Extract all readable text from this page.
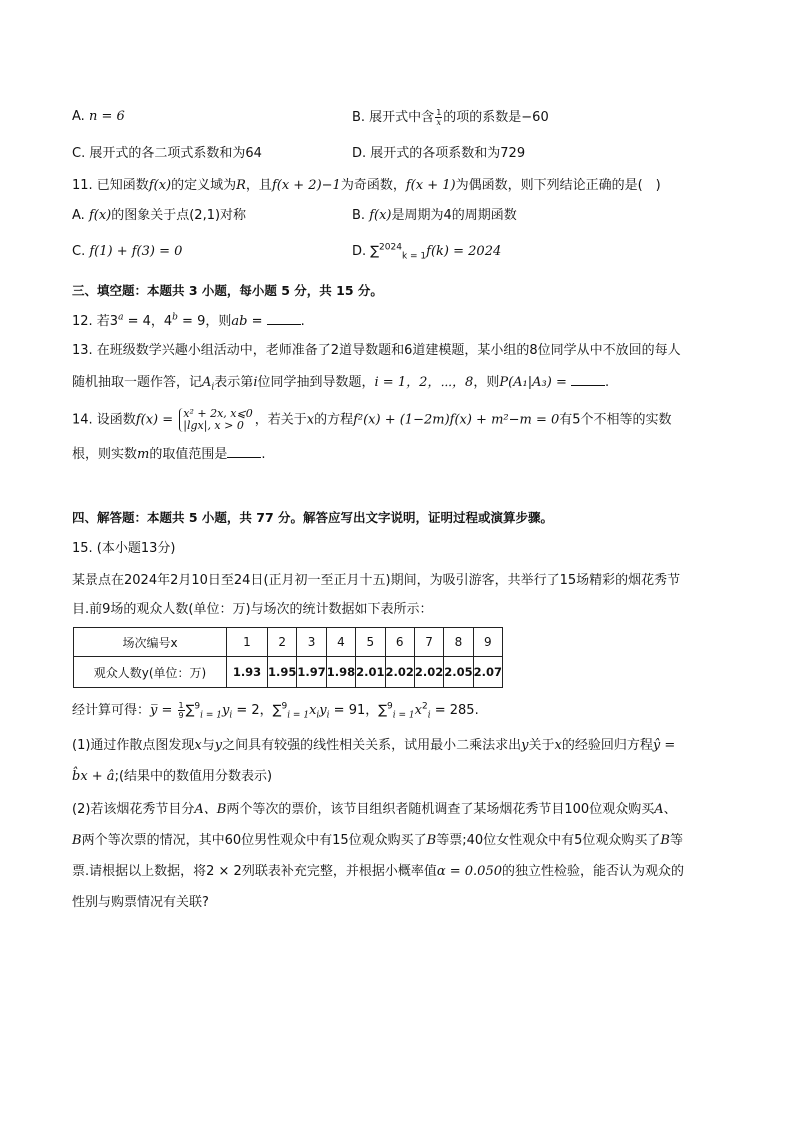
A. n = 6	B. 展开式中含 $\frac{1}{x}$ 的项的系数是−60
C. 展开式的各二项式系数和为64	D. 展开式的各项系数和为729
11. 已知函数f(x)的定义域为R，且f(x + 2)−1为奇函数，f(x + 1)为偶函数，则下列结论正确的是(　)
A. f(x)的图象关于点(2,1)对称	B. f(x)是周期为4的周期函数
C. f(1) + f(3) = 0	D. ∑$^{2024}_{k = 1}$f(k) = 2024
三、填空题：本题共 3 小题，每小题 5 分，共 15 分。
12. 若$3^a = 4$，$4^b = 9$，则ab =	.
13. 在班级数学兴趣小组活动中，老师准备了2道导数题和6道建模题，某小组的8位同学从中不放回的每人
随机抽取一题作答，记$A_i$表示第i位同学抽到导数题，i = 1，2，⋯，8，则P(A₁|A₃) =	.
14. 设函数f(x) = x² + 2x, x⩽0
|lgx|, x > 0 ，若关于x的方程f²(x) + (1−2m)f(x) + m²−m = 0有5个不相等的实数
根，则实数m的取值范围是	.
四、解答题：本题共 5 小题，共 77 分。解答应写出文字说明，证明过程或演算步骤。
15. (本小题13分)
某景点在2024年2月10日至24日(正月初一至正月十五)期间，为吸引游客，共举行了15场精彩的烟花秀节
目.前9场的观众人数(单位：万)与场次的统计数据如下表所示：
场次编号x	1	2	3	4	5	6	7	8	9
观众人数y(单位：万)	1.93	1.95	1.97	1.98	2.01	2.02	2.02	2.05	2.07
经计算可得：y̅ = $\frac{1}{9} \sum^9_{i = 1}y_i = 2$，$\sum^9_{i = 1}x_iy_i = 91$，$\sum^9_{i = 1}x^2_i = 285$.
(1)通过作散点图发现x与y之间具有较强的线性相关关系，试用最小二乘法求出y关于x的经验回归方程ŷ =
b̂x + â;(结果中的数值用分数表示)
(2)若该烟花秀节目分A、B两个等次的票价，该节目组织者随机调查了某场烟花秀节目100位观众购买A、
B两个等次票的情况，其中60位男性观众中有15位观众购买了B等票;40位女性观众中有5位观众购买了B等
票.请根据以上数据，将2 × 2列联表补充完整，并根据小概率值α = 0.050的独立性检验，能否认为观众的
性别与购票情况有关联?
